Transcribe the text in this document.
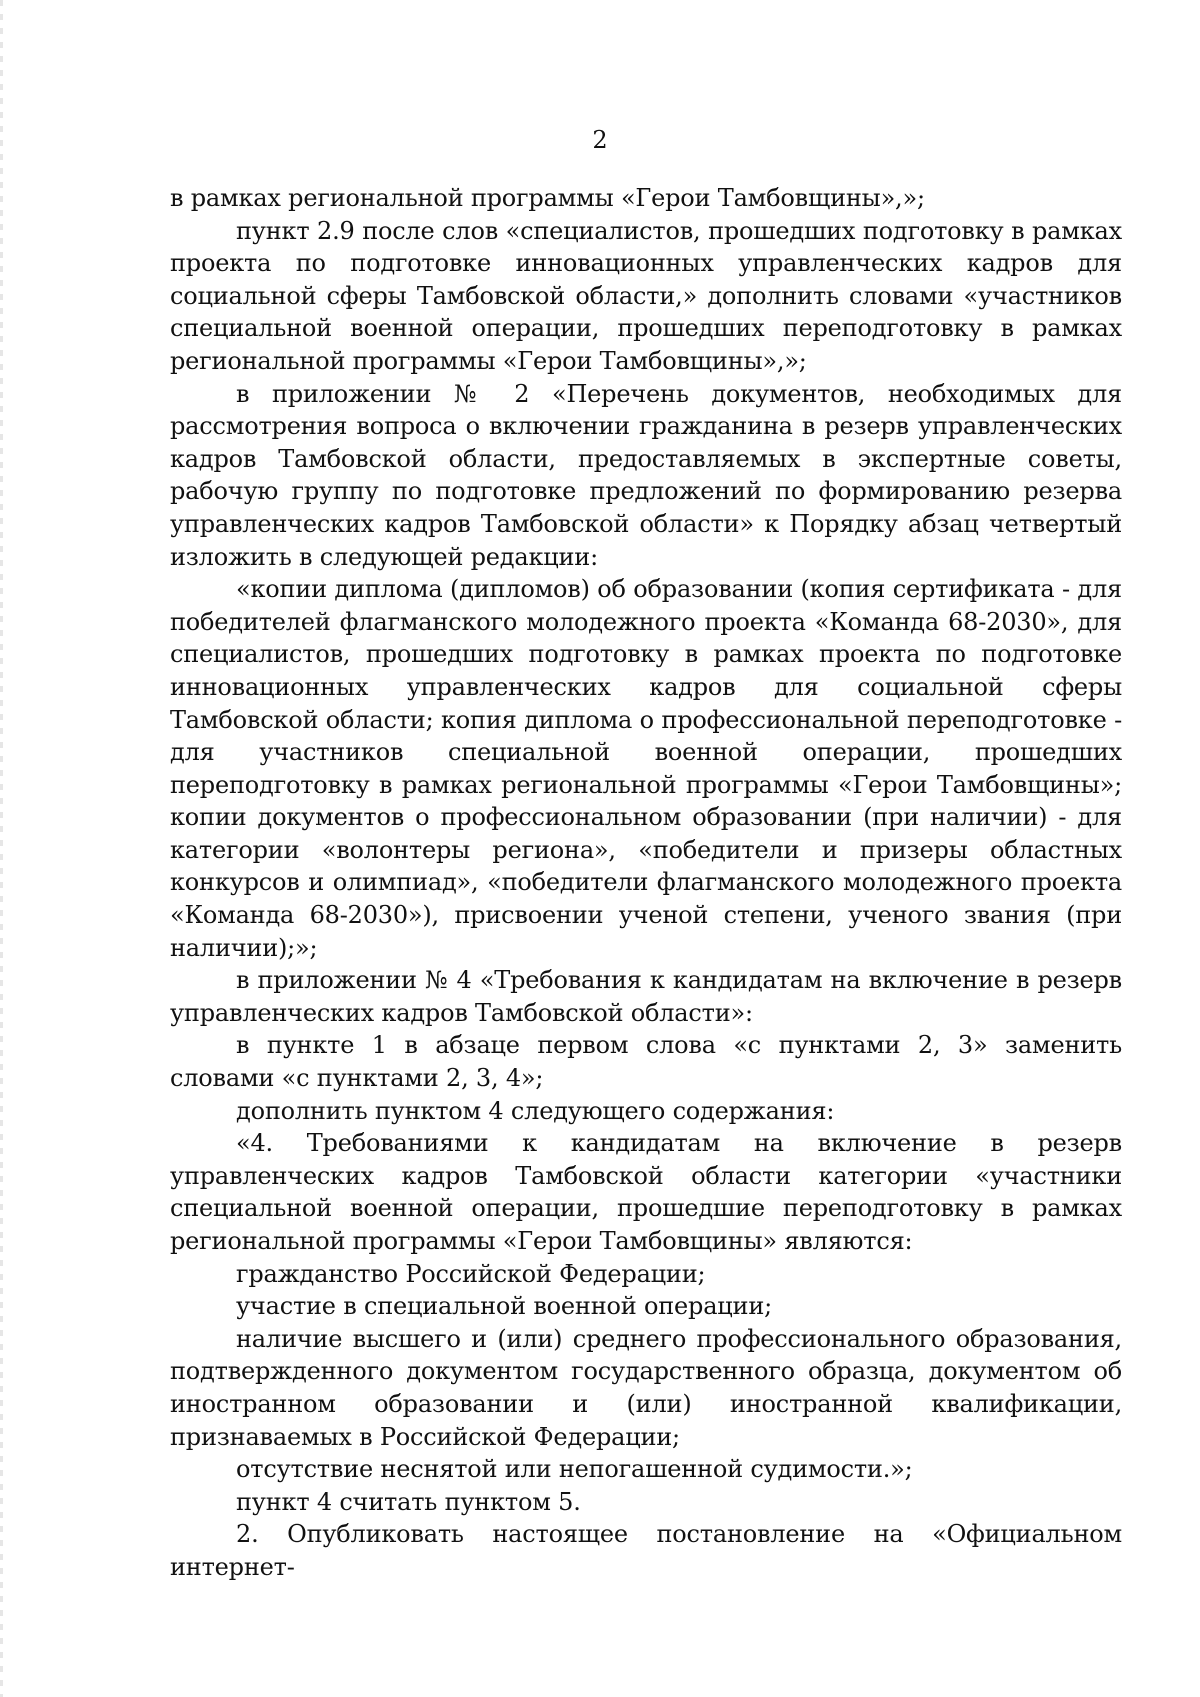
2

в рамках региональной программы «Герои Тамбовщины»,»;

пункт 2.9 после слов «специалистов, прошедших подготовку в рамках проекта по подготовке инновационных управленческих кадров для социальной сферы Тамбовской области,» дополнить словами «участников специальной военной операции, прошедших переподготовку в рамках региональной программы «Герои Тамбовщины»,»;

в приложении № 2 «Перечень документов, необходимых для рассмотрения вопроса о включении гражданина в резерв управленческих кадров Тамбовской области, предоставляемых в экспертные советы, рабочую группу по подготовке предложений по формированию резерва управленческих кадров Тамбовской области» к Порядку абзац четвертый изложить в следующей редакции:

«копии диплома (дипломов) об образовании (копия сертификата - для победителей флагманского молодежного проекта «Команда 68-2030», для специалистов, прошедших подготовку в рамках проекта по подготовке инновационных управленческих кадров для социальной сферы Тамбовской области; копия диплома о профессиональной переподготовке - для участников специальной военной операции, прошедших переподготовку в рамках региональной программы «Герои Тамбовщины»; копии документов о профессиональном образовании (при наличии) - для категории «волонтеры региона», «победители и призеры областных конкурсов и олимпиад», «победители флагманского молодежного проекта «Команда 68-2030»), присвоении ученой степени, ученого звания (при наличии);»;

в приложении № 4 «Требования к кандидатам на включение в резерв управленческих кадров Тамбовской области»:

в пункте 1 в абзаце первом слова «с пунктами 2, 3» заменить словами «с пунктами 2, 3, 4»;

дополнить пунктом 4 следующего содержания:

«4. Требованиями к кандидатам на включение в резерв управленческих кадров Тамбовской области категории «участники специальной военной операции, прошедшие переподготовку в рамках региональной программы «Герои Тамбовщины» являются:

гражданство Российской Федерации;

участие в специальной военной операции;

наличие высшего и (или) среднего профессионального образования, подтвержденного документом государственного образца, документом об иностранном образовании и (или) иностранной квалификации, признаваемых в Российской Федерации;

отсутствие неснятой или непогашенной судимости.»;

пункт 4 считать пунктом 5.

2. Опубликовать настоящее постановление на «Официальном интернет-
